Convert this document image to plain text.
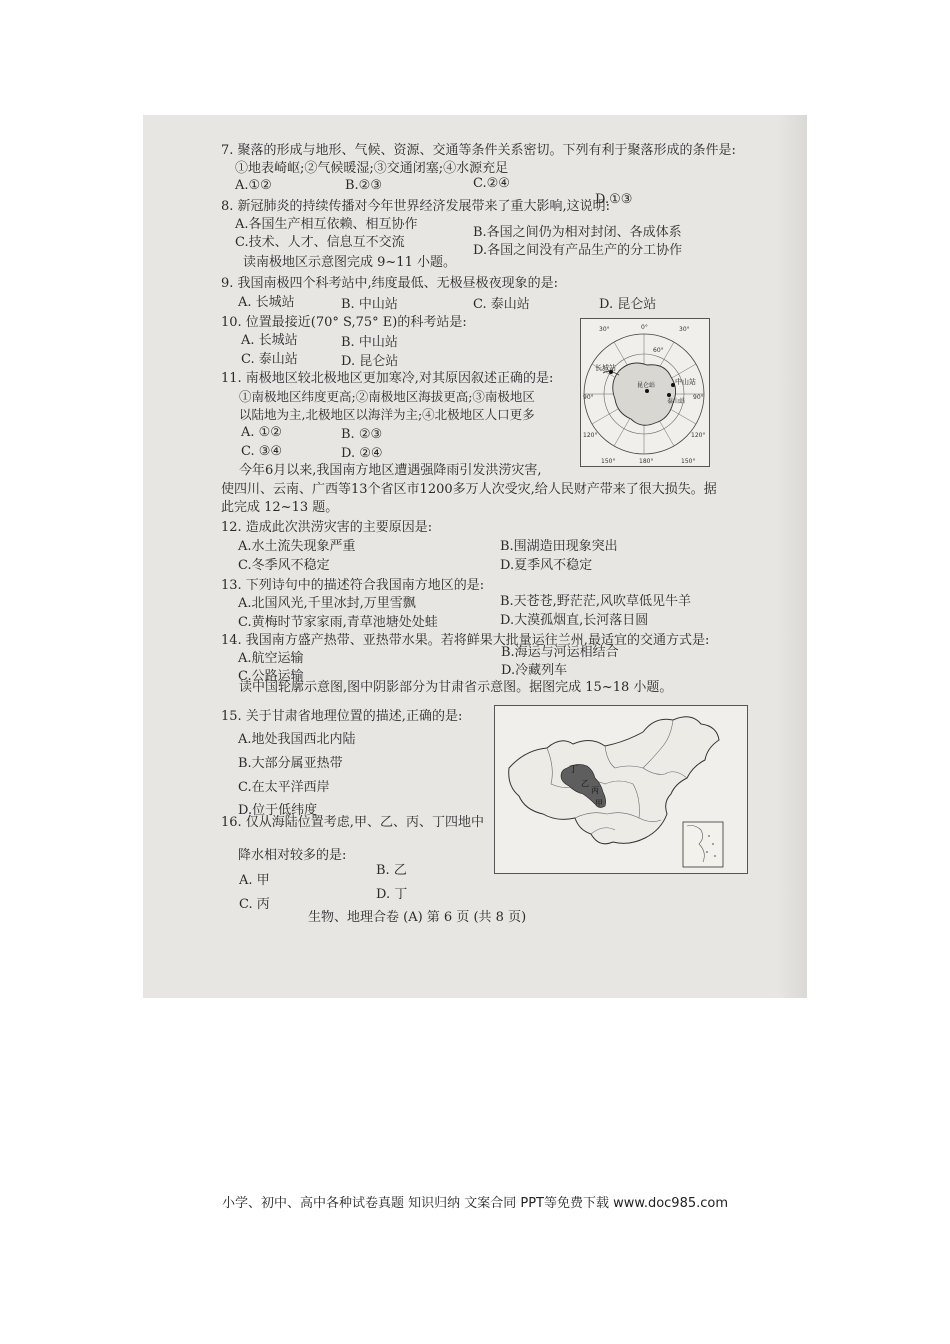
7. 聚落的形成与地形、气候、资源、交通等条件关系密切。下列有利于聚落形成的条件是:
①地表崎岖;②气候暖湿;③交通闭塞;④水源充足
A.①②	B.②③	C.②④
D.①③
8. 新冠肺炎的持续传播对今年世界经济发展带来了重大影响,这说明:
A.各国生产相互依赖、相互协作
B.各国之间仍为相对封闭、各成体系
C.技术、人才、信息互不交流
D.各国之间没有产品生产的分工协作
读南极地区示意图完成 9~11 小题。
9. 我国南极四个科考站中,纬度最低、无极昼极夜现象的是:
A. 长城站	B. 中山站	C. 泰山站	D. 昆仑站
10. 位置最接近(70° S,75° E)的科考站是:
A. 长城站	B. 中山站
C. 泰山站	D. 昆仑站
11. 南极地区较北极地区更加寒冷,对其原因叙述正确的是:
①南极地区纬度更高;②南极地区海拔更高;③南极地区
以陆地为主,北极地区以海洋为主;④北极地区人口更多
A. ①②	B. ②③
C. ③④	D. ②④
长城站
中山站
昆仑站
泰山站
30°	0°	30°
60°
90°	90°
120°	120°
150°	180°	150°
今年6月以来,我国南方地区遭遇强降雨引发洪涝灾害,
使四川、云南、广西等13个省区市1200多万人次受灾,给人民财产带来了很大损失。据
此完成 12~13 题。
12. 造成此次洪涝灾害的主要原因是:
A.水土流失现象严重	B.围湖造田现象突出
C.冬季风不稳定	D.夏季风不稳定
13. 下列诗句中的描述符合我国南方地区的是:
A.北国风光,千里冰封,万里雪飘	B.天苍苍,野茫茫,风吹草低见牛羊
C.黄梅时节家家雨,青草池塘处处蛙	D.大漠孤烟直,长河落日圆
14. 我国南方盛产热带、亚热带水果。若将鲜果大批量运往兰州,最适宜的交通方式是:
A.航空运输	B.海运与河运相结合
C.公路运输	D.冷藏列车
读中国轮廓示意图,图中阴影部分为甘肃省示意图。据图完成 15~18 小题。
15. 关于甘肃省地理位置的描述,正确的是:
A.地处我国西北内陆
B.大部分属亚热带
C.在太平洋西岸
D.位于低纬度
16. 仅从海陆位置考虑,甲、乙、丙、丁四地中
降水相对较多的是:
A. 甲
B. 乙
D. 丁
C. 丙
丁
乙
丙
甲
生物、地理合卷 (A) 第 6 页 (共 8 页)
小学、初中、高中各种试卷真题 知识归纳 文案合同 PPT等免费下载 www.doc985.com
